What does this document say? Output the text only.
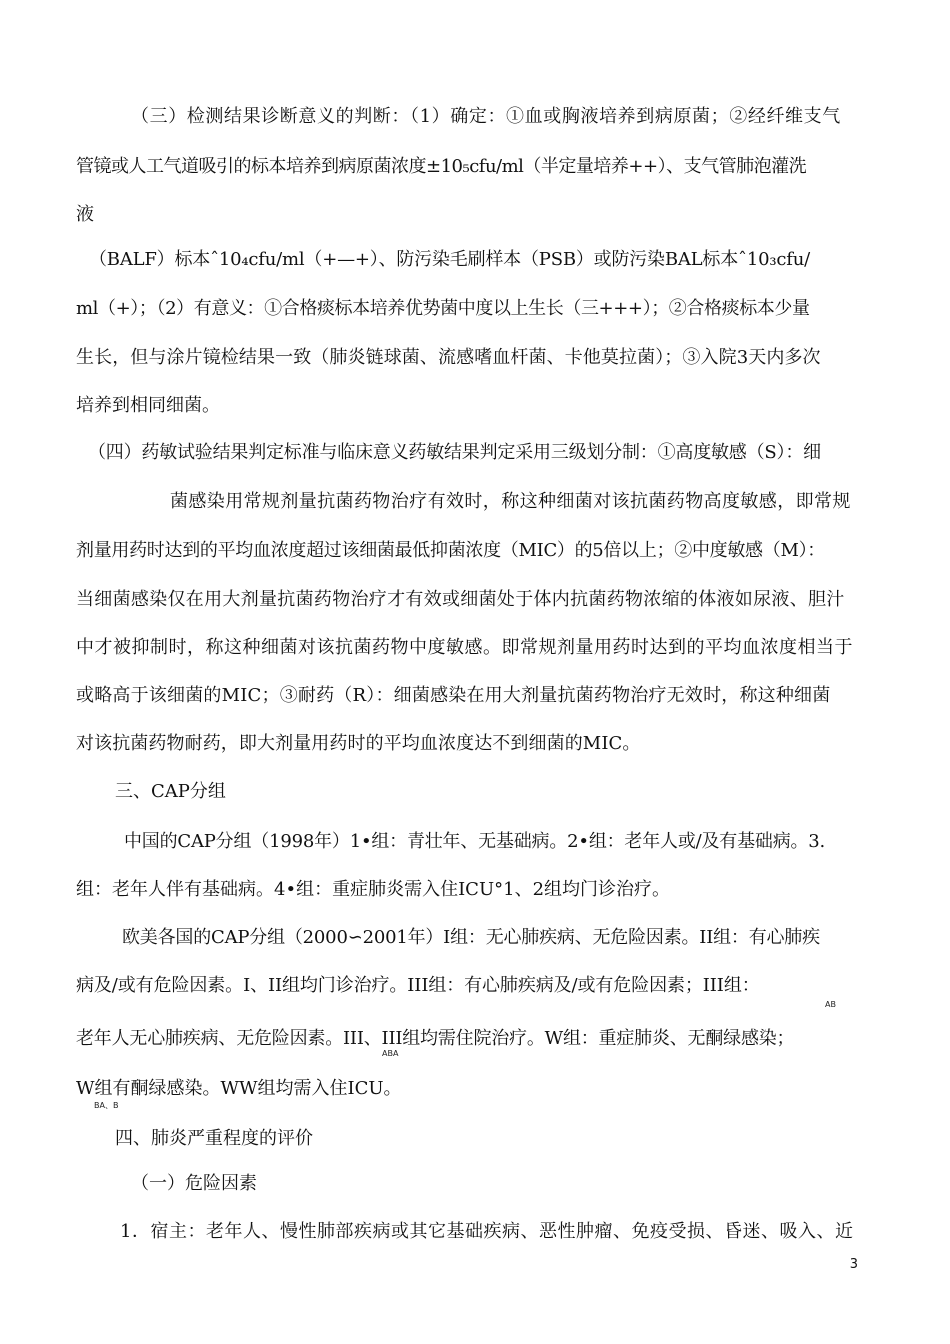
（三）检测结果诊断意义的判断：（1）确定：①血或胸液培养到病原菌；②经纤维支气
管镜或人工气道吸引的标本培养到病原菌浓度±10₅cfu/ml（半定量培养++）、支气管肺泡灌洗
液
（BALF）标本ˆ10₄cfu/ml（+—+）、防污染毛刷样本（PSB）或防污染BAL标本ˆ10₃cfu/
ml（+）；（2）有意义：①合格痰标本培养优势菌中度以上生长（三+++）；②合格痰标本少量
生长，但与涂片镜检结果一致（肺炎链球菌、流感嗜血杆菌、卡他莫拉菌）；③入院3天内多次
培养到相同细菌。
（四）药敏试验结果判定标准与临床意义药敏结果判定采用三级划分制：①高度敏感（S）：细
菌感染用常规剂量抗菌药物治疗有效时，称这种细菌对该抗菌药物高度敏感，即常规
剂量用药时达到的平均血浓度超过该细菌最低抑菌浓度（MIC）的5倍以上；②中度敏感（M）：
当细菌感染仅在用大剂量抗菌药物治疗才有效或细菌处于体内抗菌药物浓缩的体液如尿液、胆汁
中才被抑制时，称这种细菌对该抗菌药物中度敏感。即常规剂量用药时达到的平均血浓度相当于
或略高于该细菌的MIC；③耐药（R）：细菌感染在用大剂量抗菌药物治疗无效时，称这种细菌
对该抗菌药物耐药，即大剂量用药时的平均血浓度达不到细菌的MIC。
三、CAP分组
中国的CAP分组（1998年）1•组：青壮年、无基础病。2•组：老年人或/及有基础病。3.
组：老年人伴有基础病。4•组：重症肺炎需入住ICU°1、2组均门诊治疗。
欧美各国的CAP分组（2000∽2001年）I组：无心肺疾病、无危险因素。II组：有心肺疾
病及/或有危险因素。I、II组均门诊治疗。III组：有心肺疾病及/或有危险因素；III组：
AB
老年人无心肺疾病、无危险因素。III、III组均需住院治疗。W组：重症肺炎、无酮绿感染；
ABA
W组有酮绿感染。WW组均需入住ICU。
BA、B
四、肺炎严重程度的评价
（一）危险因素
1．宿主：老年人、慢性肺部疾病或其它基础疾病、恶性肿瘤、免疫受损、昏迷、吸入、近
3
